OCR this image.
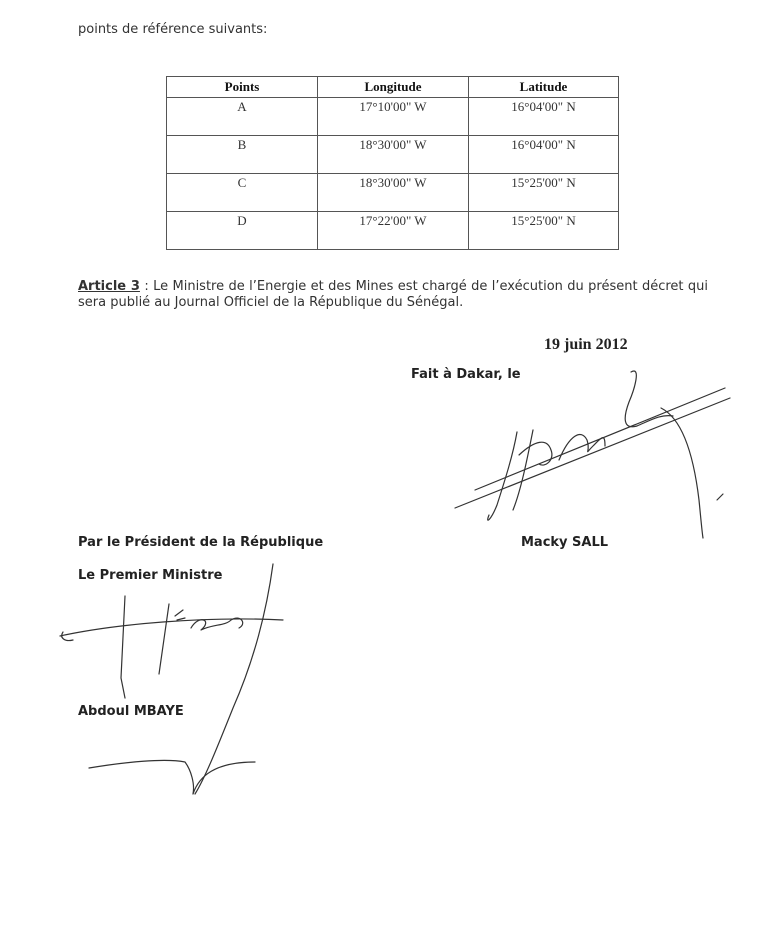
points de référence suivants:
Points	Longitude	Latitude
A	17°10'00" W	16°04'00" N
B	18°30'00" W	16°04'00" N
C	18°30'00" W	15°25'00" N
D	17°22'00" W	15°25'00" N
Article 3 : Le Ministre de l’Energie et des Mines est chargé de l’exécution du présent décret qui sera publié au Journal Officiel de la République du Sénégal.
19 juin 2012
Fait à Dakar, le
Par le Président de la République	Macky SALL
Le Premier Ministre
Abdoul MBAYE
